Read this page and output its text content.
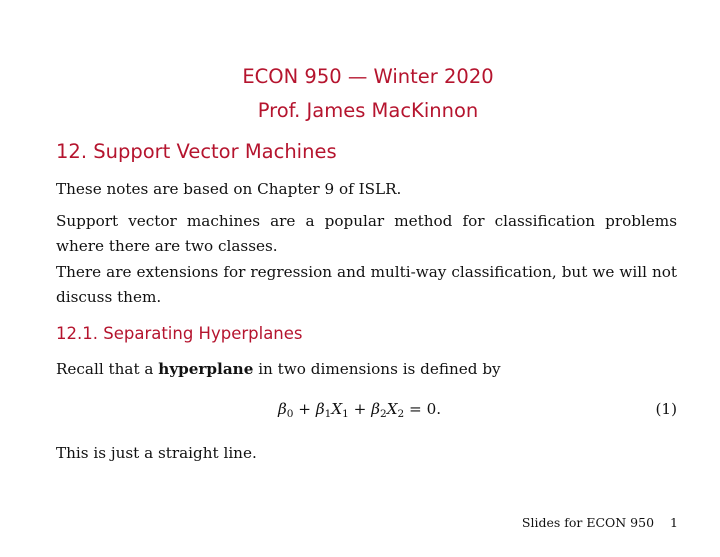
ECON 950 — Winter 2020
Prof. James MacKinnon
12. Support Vector Machines

These notes are based on Chapter 9 of ISLR.

Support vector machines are a popular method for classification problems where there are two classes.

There are extensions for regression and multi-way classification, but we will not discuss them.

12.1. Separating Hyperplanes

Recall that a hyperplane in two dimensions is defined by

$\beta_0 + \beta_1X_1 + \beta_2X_2 = 0$.	(1)

This is just a straight line.

Slides for ECON 950 1
